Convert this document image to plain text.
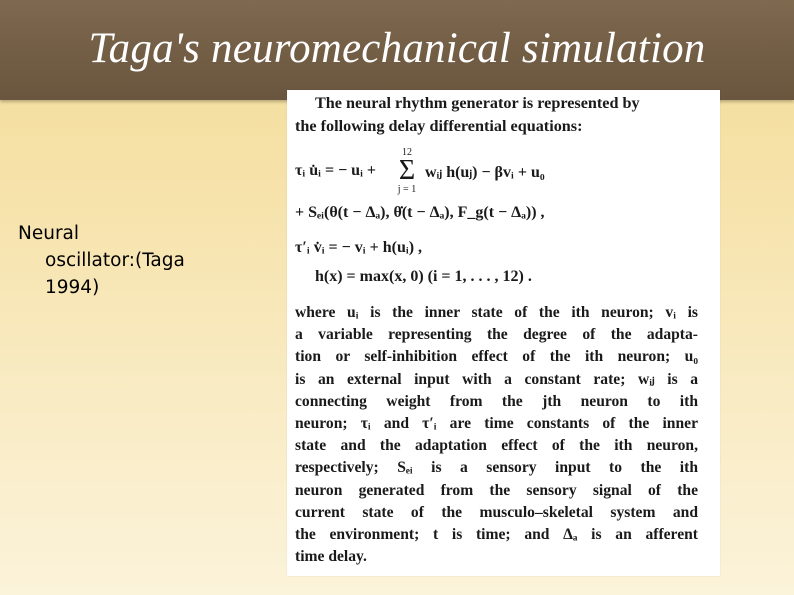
Taga's neuromechanical simulation
Neural
oscillator:(Taga
1994)
The neural rhythm generator is represented by
the following delay differential equations:
τᵢ u̇ᵢ = − uᵢ +
12
Σ
j = 1
wᵢⱼ h(uⱼ) − βvᵢ + u₀
+ Sₑᵢ(θ(t − Δₐ), θ̇(t − Δₐ), F_g(t − Δₐ)) ,
τ′ᵢ v̇ᵢ = − vᵢ + h(uᵢ) ,
h(x) = max(x, 0) (i = 1, . . . , 12) .
where uᵢ is the inner state of the ith neuron; vᵢ is
a variable representing the degree of the adapta-
tion or self-inhibition effect of the ith neuron; u₀
is an external input with a constant rate; wᵢⱼ is a
connecting weight from the jth neuron to ith
neuron; τᵢ and τ′ᵢ are time constants of the inner
state and the adaptation effect of the ith neuron,
respectively; Sₑᵢ is a sensory input to the ith
neuron generated from the sensory signal of the
current state of the musculo–skeletal system and
the environment; t is time; and Δₐ is an afferent
time delay.
